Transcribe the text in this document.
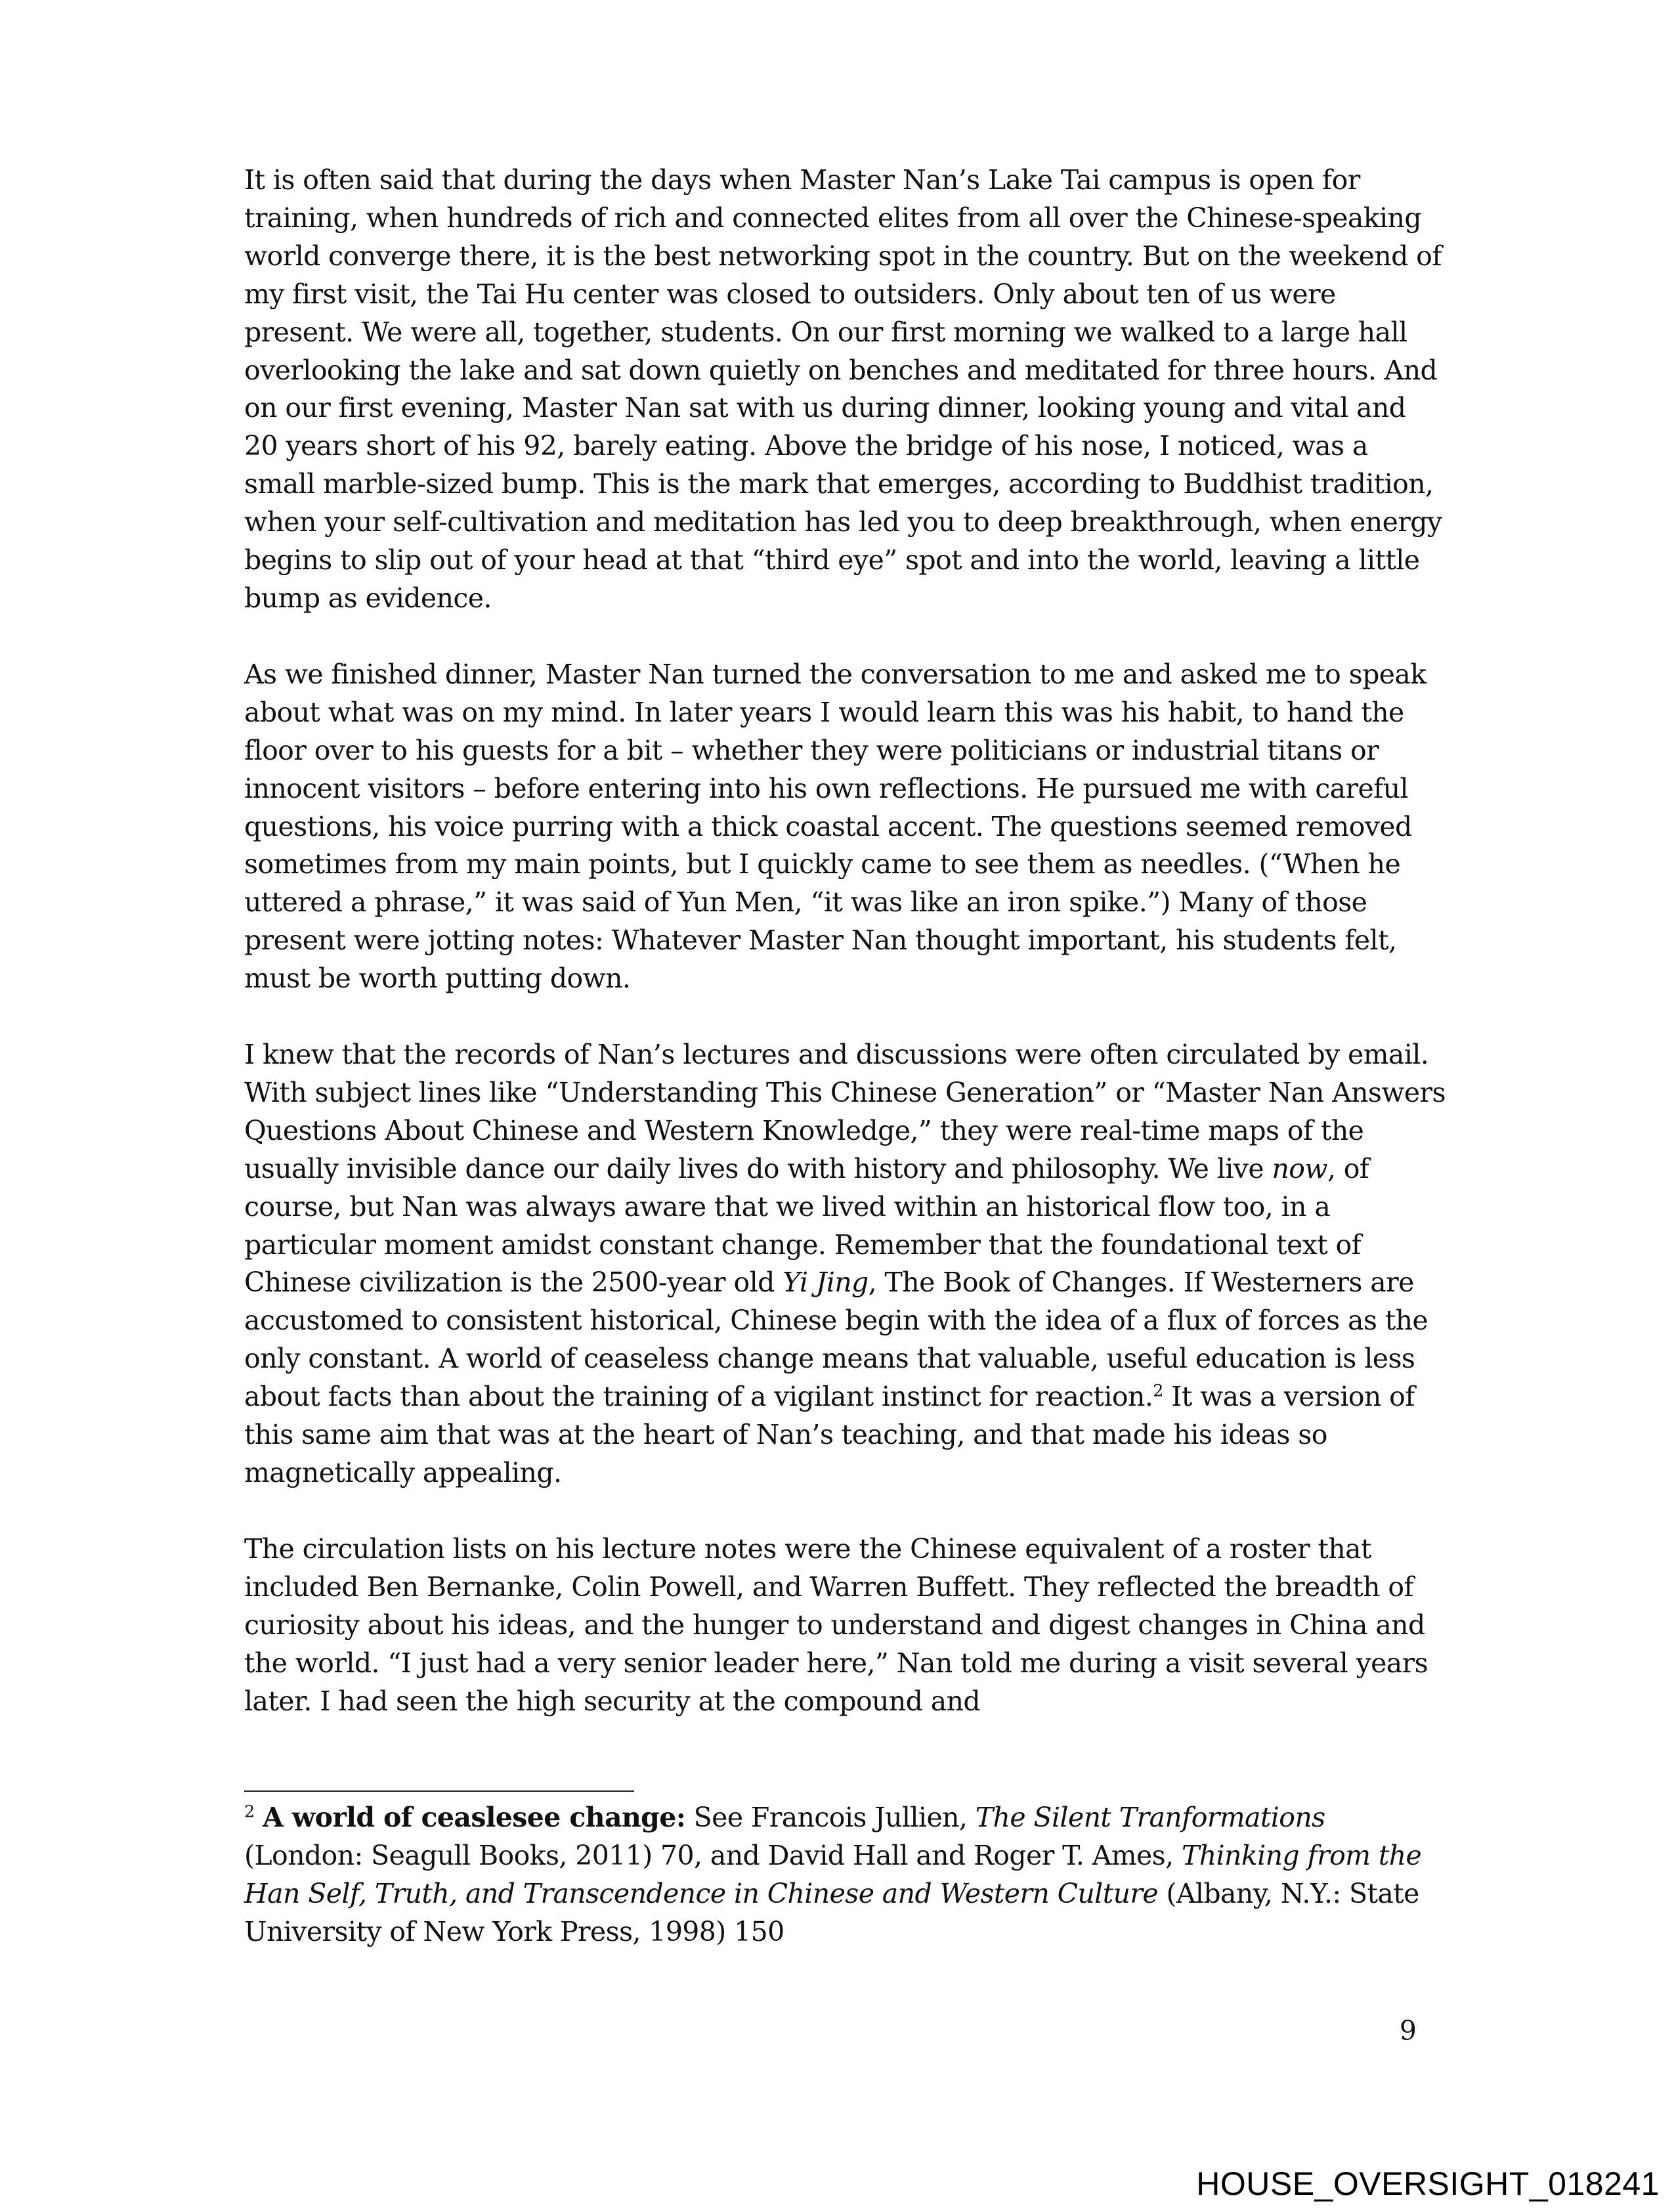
It is often said that during the days when Master Nan’s Lake Tai campus is open for training, when hundreds of rich and connected elites from all over the Chinese-speaking world converge there, it is the best networking spot in the country. But on the weekend of my first visit, the Tai Hu center was closed to outsiders. Only about ten of us were present. We were all, together, students. On our first morning we walked to a large hall overlooking the lake and sat down quietly on benches and meditated for three hours. And on our first evening, Master Nan sat with us during dinner, looking young and vital and 20 years short of his 92, barely eating. Above the bridge of his nose, I noticed, was a small marble-sized bump. This is the mark that emerges, according to Buddhist tradition, when your self-cultivation and meditation has led you to deep breakthrough, when energy begins to slip out of your head at that “third eye” spot and into the world, leaving a little bump as evidence.

As we finished dinner, Master Nan turned the conversation to me and asked me to speak about what was on my mind. In later years I would learn this was his habit, to hand the floor over to his guests for a bit – whether they were politicians or industrial titans or innocent visitors – before entering into his own reflections. He pursued me with careful questions, his voice purring with a thick coastal accent. The questions seemed removed sometimes from my main points, but I quickly came to see them as needles. (“When he uttered a phrase,” it was said of Yun Men, “it was like an iron spike.”) Many of those present were jotting notes: Whatever Master Nan thought important, his students felt, must be worth putting down.

I knew that the records of Nan’s lectures and discussions were often circulated by email. With subject lines like “Understanding This Chinese Generation” or “Master Nan Answers Questions About Chinese and Western Knowledge,” they were real-time maps of the usually invisible dance our daily lives do with history and philosophy. We live now, of course, but Nan was always aware that we lived within an historical flow too, in a particular moment amidst constant change. Remember that the foundational text of Chinese civilization is the 2500-year old Yi Jing, The Book of Changes. If Westerners are accustomed to consistent historical, Chinese begin with the idea of a flux of forces as the only constant. A world of ceaseless change means that valuable, useful education is less about facts than about the training of a vigilant instinct for reaction.$^2$ It was a version of this same aim that was at the heart of Nan’s teaching, and that made his ideas so magnetically appealing.

The circulation lists on his lecture notes were the Chinese equivalent of a roster that included Ben Bernanke, Colin Powell, and Warren Buffett. They reflected the breadth of curiosity about his ideas, and the hunger to understand and digest changes in China and the world. “I just had a very senior leader here,” Nan told me during a visit several years later. I had seen the high security at the compound and

$^2$ A world of ceaslesee change: See Francois Jullien, The Silent Tranformations (London: Seagull Books, 2011) 70, and David Hall and Roger T. Ames, Thinking from the Han Self, Truth, and Transcendence in Chinese and Western Culture (Albany, N.Y.: State University of New York Press, 1998) 150
9
HOUSE_OVERSIGHT_018241
